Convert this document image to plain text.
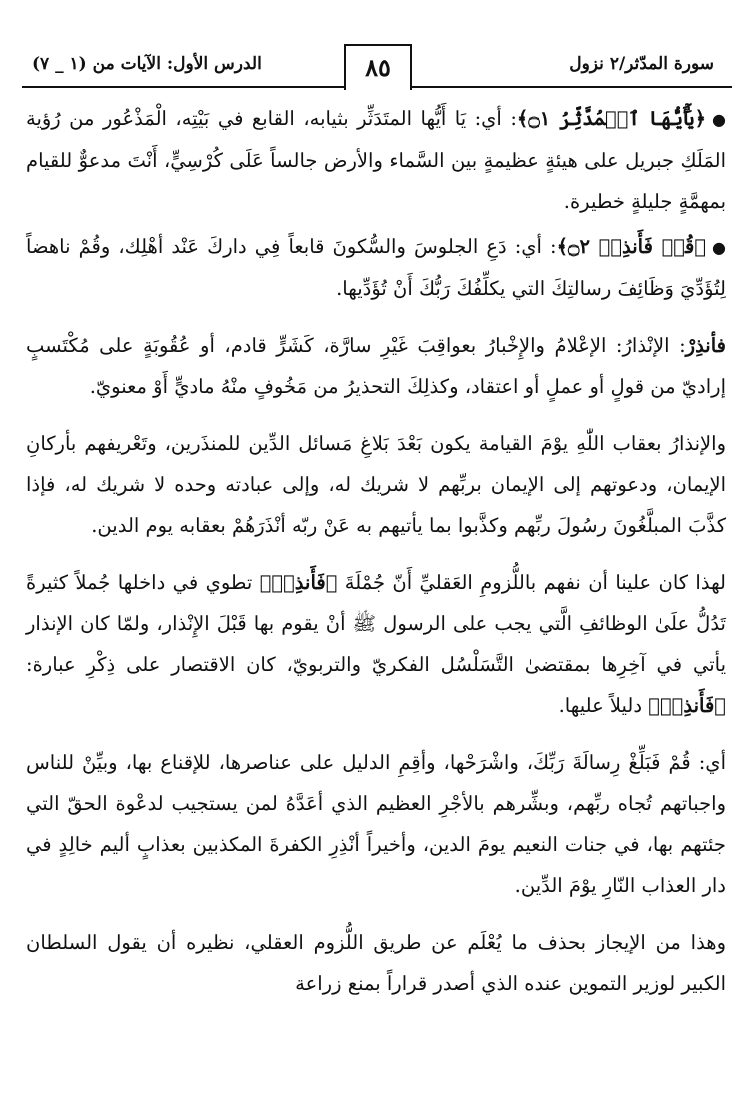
سورة المدّثر/٢ نزول
٨٥
الدرس الأول: الآيات من (١ _ ٧)

●﴿يَٰٓأَيُّهَا ٱلۡمُدَّثِّرُ ۝١﴾: أي: يَا أَيُّها المتَدَثِّر بثيابه، القابع في بَيْتِه، الْمَذْعُور من رُؤية المَلَكِ جبريل على هيئةٍ عظيمةٍ بين السَّماء والأرض جالساً عَلَى كُرْسِيٍّ، أَنْتَ مدعوٌّ للقيام بمهمَّةٍ جليلةٍ خطيرة.

●﴿قُمۡ فَأَنذِرۡ ۝٢﴾: أي: دَعِ الجلوسَ والسُّكونَ قابعاً فِي داركَ عَنْد أهْلِك، وقُمْ ناهضاً لِتُؤَدِّيَ وَظَائِفَ رسالتِكَ التي يكلِّفُكَ رَبُّكَ أَنْ تُؤَدِّيها.

فأنذِرْ: الإنْذارُ: الإعْلامُ والإِخْبارُ بعواقِبَ غَيْرِ سارَّة، كَشَرٍّ قادم، أو عُقُوبَةٍ على مُكْتَسبٍ إراديّ من قولٍ أو عملٍ أو اعتقاد، وكذلِكَ التحذيرُ من مَخُوفٍ منْهُ ماديٍّ أَوْ معنويّ.

والإنذارُ بعقاب اللّٰهِ يوْمَ القيامة يكون بَعْدَ بَلاغِ مَسائل الدِّين للمنذَرين، وتَعْريفهم بأركانِ الإيمان، ودعوتهم إلى الإيمان بربِّهم لا شريك له، وإلى عبادته وحده لا شريك له، فإذا كذَّبَ المبلَّغُونَ رسُولَ ربِّهم وكذَّبوا بما يأتيهم به عَنْ ربّه أنْذَرَهُمْ بعقابه يوم الدين.

لهذا كان علينا أن نفهم باللُّزومِ العَقليِّ أَنّ جُمْلَةَ ﴿فَأَنذِرۡ﴾ تطوي في داخلها جُملاً كثيرةً تَدُلُّ علَىٰ الوظائفِ الَّتي يجب على الرسول ﷺ أنْ يقوم بها قَبْلَ الإِنْذار، ولمّا كان الإنذار يأتي في آخِرِها بمقتضىٰ التَّسَلْسُل الفكريّ والتربويّ، كان الاقتصار على ذِكْرِ عبارة: ﴿فَأَنذِرۡ﴾ دليلاً عليها.

أي: قُمْ فَبَلِّغْ رِسالَةَ رَبِّكَ، واشْرَحْها، وأقِمِ الدليل على عناصرها، للإقناع بها، وبيِّنْ للناس واجباتهم تُجاه ربِّهم، وبشِّرهم بالأجْرِ العظيم الذي أعَدَّهُ لمن يستجيب لدعْوة الحقّ التي جئتهم بها، في جنات النعيم يومَ الدين، وأخيراً أنْذِرِ الكفرةَ المكذبين بعذابٍ أليم خالِدٍ في دار العذاب النّارِ يوْمَ الدِّين.

وهذا من الإيجاز بحذف ما يُعْلَم عن طريق اللُّزوم العقلي، نظيره أن يقول السلطان الكبير لوزير التموين عنده الذي أصدر قراراً بمنع زراعة
